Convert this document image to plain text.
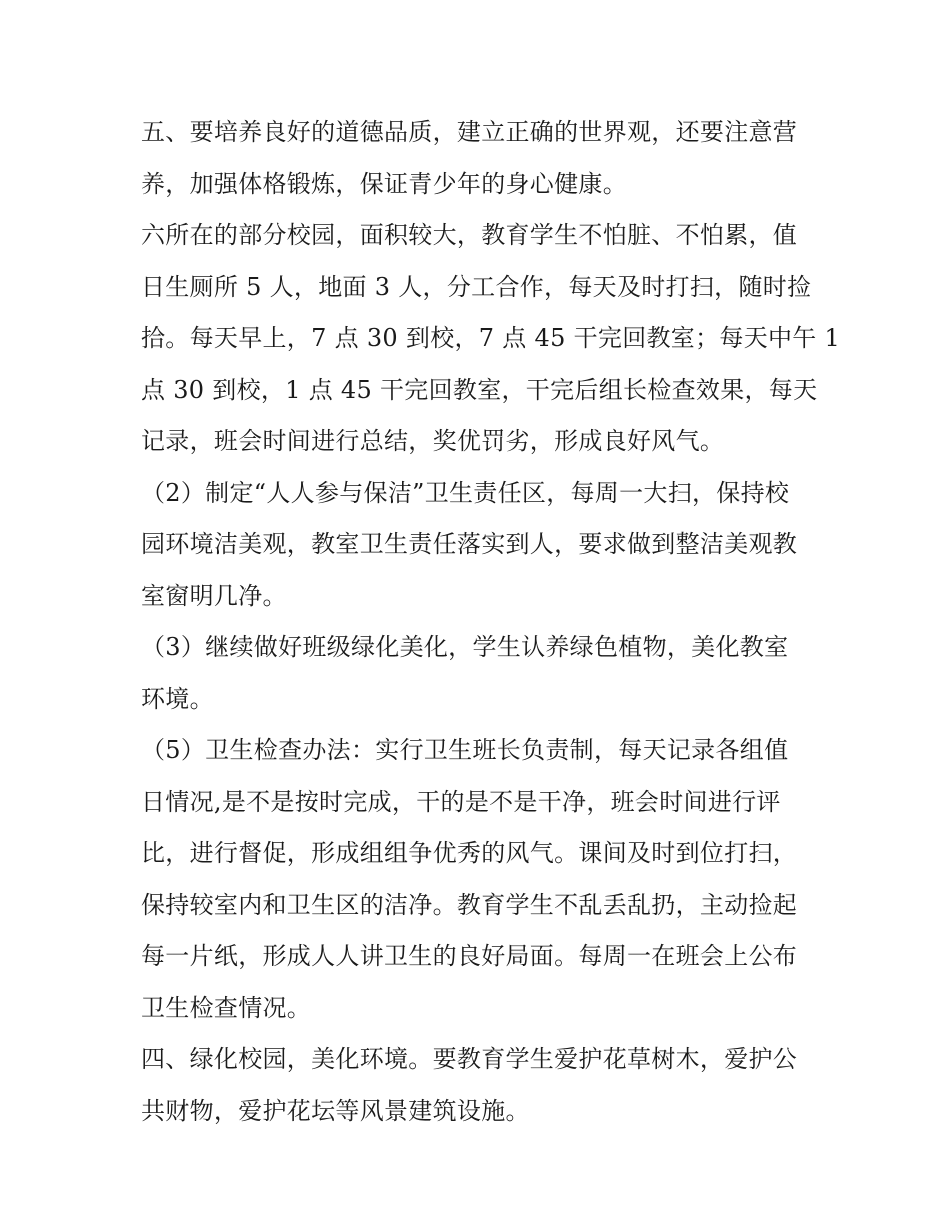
五、要培养良好的道德品质，建立正确的世界观，还要注意营
养，加强体格锻炼，保证青少年的身心健康。
六所在的部分校园，面积较大，教育学生不怕脏、不怕累，值
日生厕所 5 人，地面 3 人，分工合作，每天及时打扫，随时捡
拾。每天早上，7 点 30 到校，7 点 45 干完回教室；每天中午 1
点 30 到校，1 点 45 干完回教室，干完后组长检查效果，每天
记录，班会时间进行总结，奖优罚劣，形成良好风气。
（2）制定“人人参与保洁”卫生责任区，每周一大扫，保持校
园环境洁美观，教室卫生责任落实到人，要求做到整洁美观教
室窗明几净。
（3）继续做好班级绿化美化，学生认养绿色植物，美化教室
环境。
（5）卫生检查办法：实行卫生班长负责制，每天记录各组值
日情况,是不是按时完成，干的是不是干净，班会时间进行评
比，进行督促，形成组组争优秀的风气。课间及时到位打扫，
保持较室内和卫生区的洁净。教育学生不乱丢乱扔，主动捡起
每一片纸，形成人人讲卫生的良好局面。每周一在班会上公布
卫生检查情况。
四、绿化校园，美化环境。要教育学生爱护花草树木，爱护公
共财物，爱护花坛等风景建筑设施。
